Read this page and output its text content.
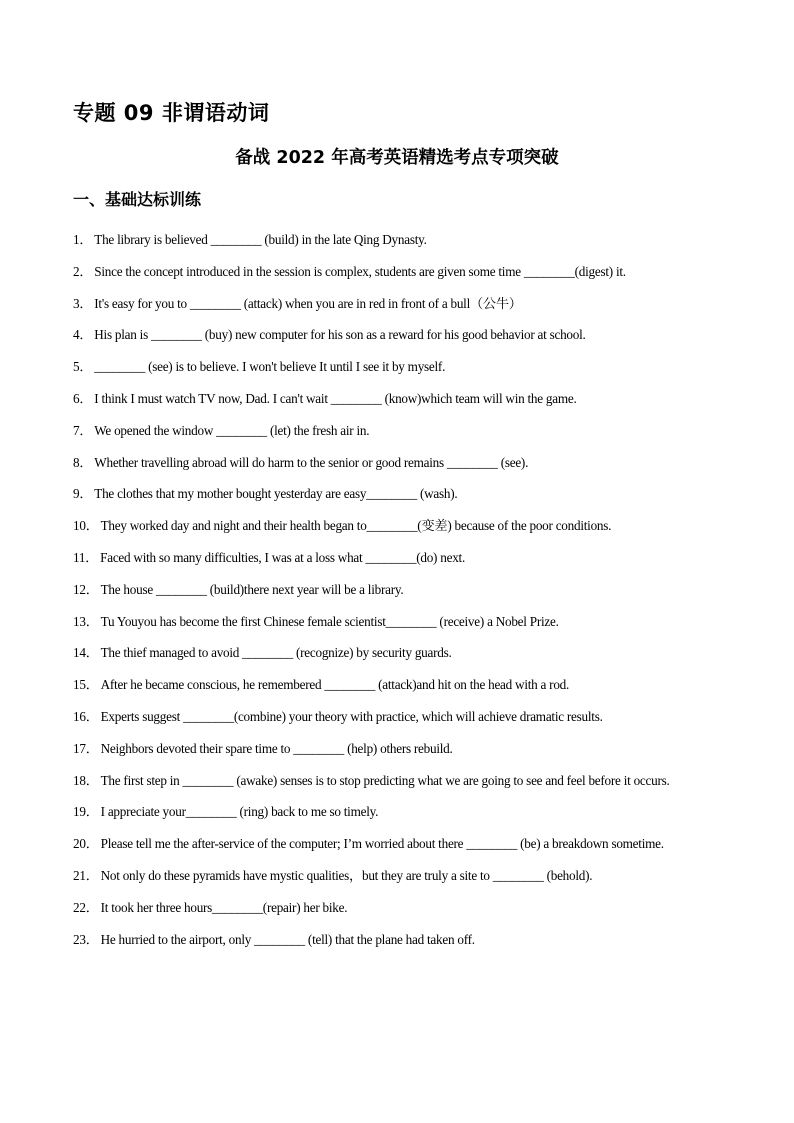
专题 09 非谓语动词
备战 2022 年高考英语精选考点专项突破
一、基础达标训练
1． The library is believed ________ (build) in the late Qing Dynasty.
2． Since the concept introduced in the session is complex, students are given some time ________(digest) it.
3． It's easy for you to ________ (attack) when you are in red in front of a bull（公牛）
4． His plan is ________ (buy) new computer for his son as a reward for his good behavior at school.
5． ________ (see) is to believe. I won't believe It until I see it by myself.
6． I think I must watch TV now, Dad. I can't wait ________ (know)which team will win the game.
7． We opened the window ________ (let) the fresh air in.
8． Whether travelling abroad will do harm to the senior or good remains ________ (see).
9． The clothes that my mother bought yesterday are easy________ (wash).
10． They worked day and night and their health began to________(变差) because of the poor conditions.
11． Faced with so many difficulties, I was at a loss what ________(do) next.
12． The house ________ (build)there next year will be a library.
13． Tu Youyou has become the first Chinese female scientist________ (receive) a Nobel Prize.
14． The thief managed to avoid ________ (recognize) by security guards.
15． After he became conscious, he remembered ________ (attack)and hit on the head with a rod.
16． Experts suggest ________(combine) your theory with practice, which will achieve dramatic results.
17． Neighbors devoted their spare time to ________ (help) others rebuild.
18． The first step in ________ (awake) senses is to stop predicting what we are going to see and feel before it occurs.
19． I appreciate your________ (ring) back to me so timely.
20． Please tell me the after-service of the computer; I’m worried about there ________ (be) a breakdown sometime.
21． Not only do these pyramids have mystic qualities，but they are truly a site to ________ (behold).
22． It took her three hours________(repair) her bike.
23． He hurried to the airport, only ________ (tell) that the plane had taken off.
